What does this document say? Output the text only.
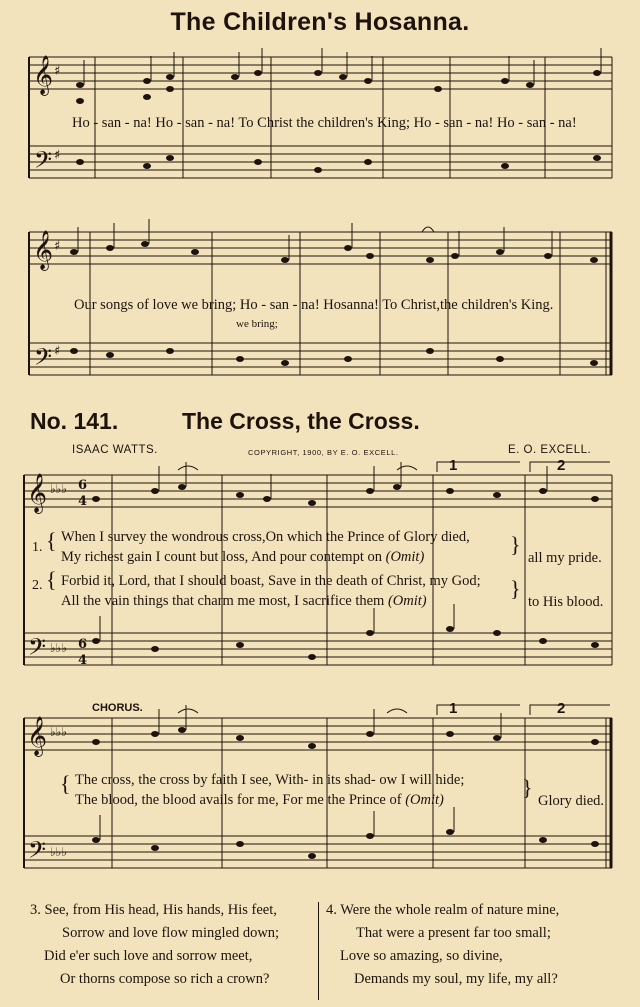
The Children's Hosanna.
𝄞
𝄢
𝄞
𝄢
𝄞
𝄢
𝄞
𝄢
♯
♯
♯
♯
♭♭♭
♭♭♭
♭♭♭
♭♭♭
6
4
6
4
1	2
1	2
Ho - san - na! Ho - san - na! To Christ the children's King; Ho - san - na! Ho - san - na!
Our songs of love we bring; Ho - san - na! Hosanna! To Christ,the children's King.
we bring;
No. 141.	The Cross, the Cross.
ISAAC WATTS.	COPYRIGHT, 1900, BY E. O. EXCELL.	E. O. EXCELL.
1. { When I survey the wondrous cross,On which the Prince of Glory died,
My richest gain I count but loss, And pour contempt on (Omit)	}
all my pride.
2. { Forbid it, Lord, that I should boast, Save in the death of Christ, my God;
All the vain things that charm me most, I sacrifice them (Omit)	}
to His blood.
CHORUS.
{ The cross, the cross by faith I see, With- in its shad- ow I will hide;
The blood, the blood avails for me, For me the Prince of (Omit)	}
Glory died.
3. See, from His head, His hands, His feet,
Sorrow and love flow mingled down;
Did e'er such love and sorrow meet,
Or thorns compose so rich a crown?
4. Were the whole realm of nature mine,
That were a present far too small;
Love so amazing, so divine,
Demands my soul, my life, my all?
